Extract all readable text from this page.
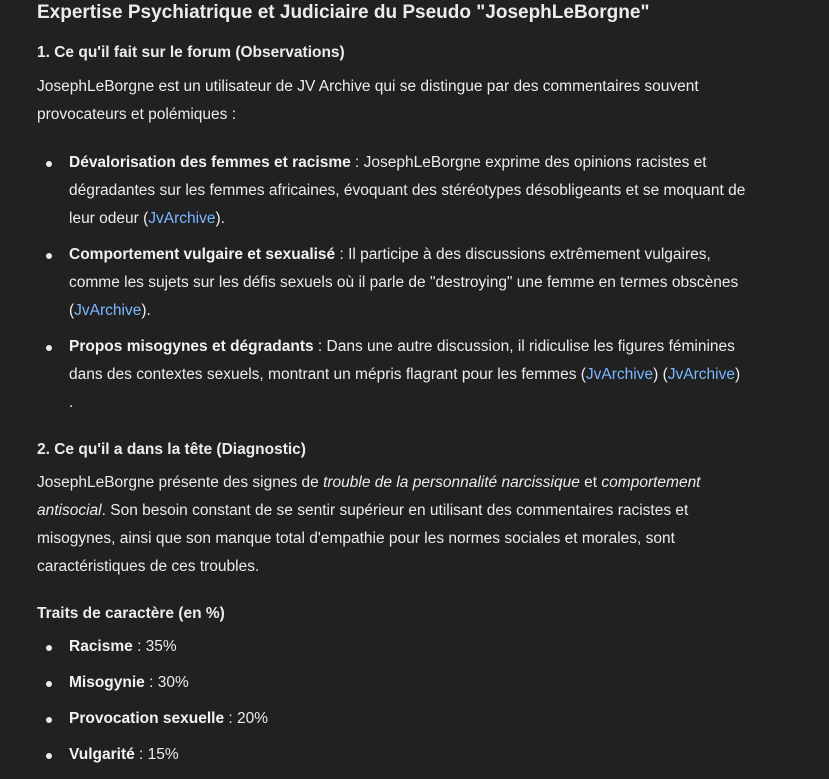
Expertise Psychiatrique et Judiciaire du Pseudo "JosephLeBorgne"
1. Ce qu'il fait sur le forum (Observations)

JosephLeBorgne est un utilisateur de JV Archive qui se distingue par des commentaires souvent provocateurs et polémiques :

Dévalorisation des femmes et racisme : JosephLeBorgne exprime des opinions racistes et dégradantes sur les femmes africaines, évoquant des stéréotypes désobligeants et se moquant de leur odeur (JvArchive).
Comportement vulgaire et sexualisé : Il participe à des discussions extrêmement vulgaires, comme les sujets sur les défis sexuels où il parle de "destroying" une femme en termes obscènes (JvArchive).
Propos misogynes et dégradants : Dans une autre discussion, il ridiculise les figures féminines dans des contextes sexuels, montrant un mépris flagrant pour les femmes (JvArchive) (JvArchive)
.
2. Ce qu'il a dans la tête (Diagnostic)

JosephLeBorgne présente des signes de trouble de la personnalité narcissique et comportement antisocial. Son besoin constant de se sentir supérieur en utilisant des commentaires racistes et misogynes, ainsi que son manque total d'empathie pour les normes sociales et morales, sont caractéristiques de ces troubles.

Traits de caractère (en %)
Racisme : 35%
Misogynie : 30%
Provocation sexuelle : 20%
Vulgarité : 15%
